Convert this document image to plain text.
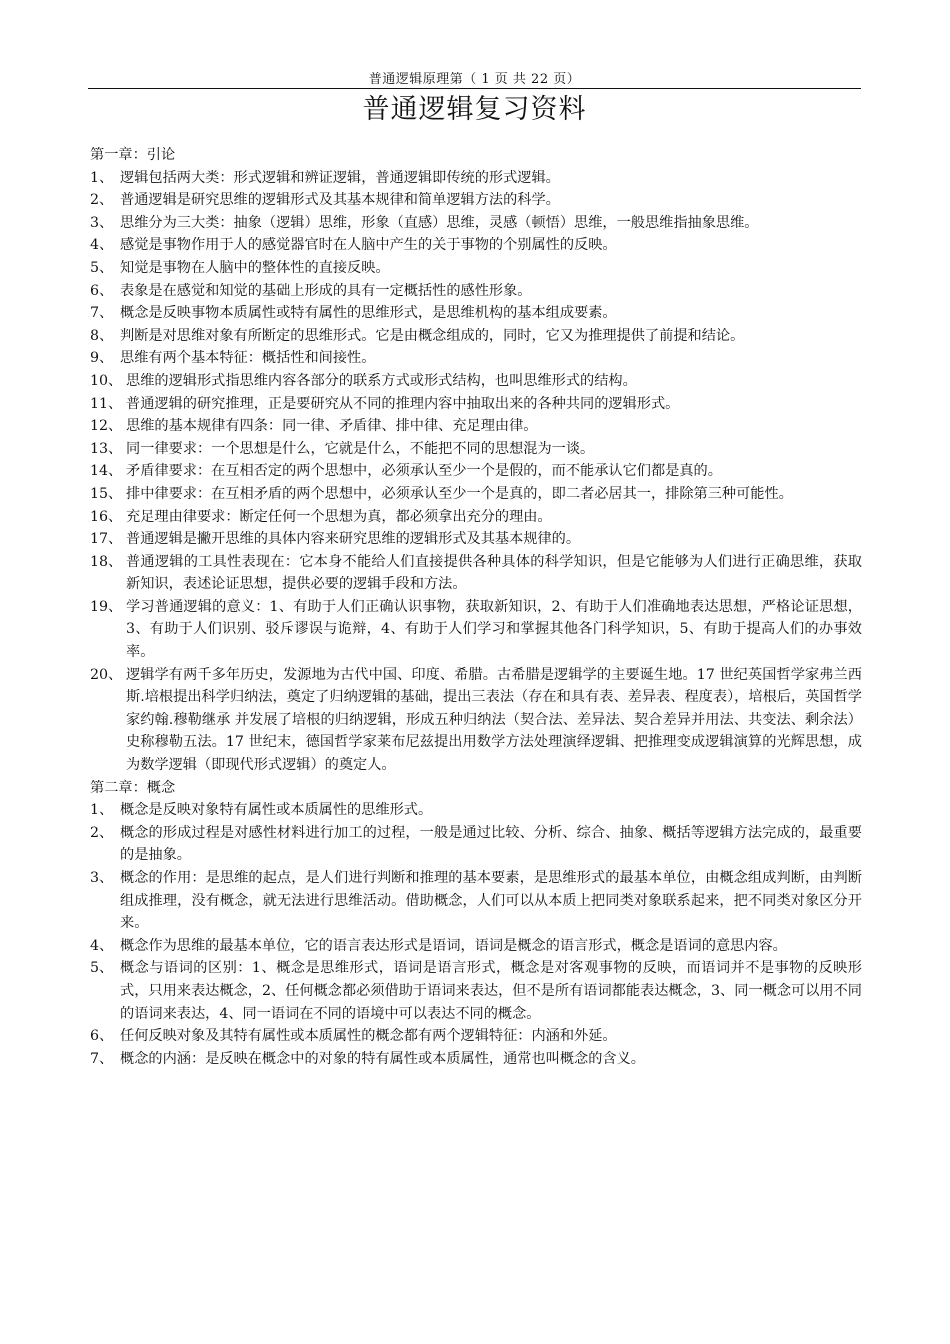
普通逻辑原理第（ 1 页 共 22 页）
普通逻辑复习资料

第一章：引论

1、 逻辑包括两大类：形式逻辑和辨证逻辑，普通逻辑即传统的形式逻辑。
2、 普通逻辑是研究思维的逻辑形式及其基本规律和简单逻辑方法的科学。
3、 思维分为三大类：抽象（逻辑）思维，形象（直感）思维，灵感（顿悟）思维，一般思维指抽象思维。
4、 感觉是事物作用于人的感觉器官时在人脑中产生的关于事物的个别属性的反映。
5、 知觉是事物在人脑中的整体性的直接反映。
6、 表象是在感觉和知觉的基础上形成的具有一定概括性的感性形象。
7、 概念是反映事物本质属性或特有属性的思维形式，是思维机构的基本组成要素。
8、 判断是对思维对象有所断定的思维形式。它是由概念组成的，同时，它又为推理提供了前提和结论。
9、 思维有两个基本特征：概括性和间接性。
10、 思维的逻辑形式指思维内容各部分的联系方式或形式结构，也叫思维形式的结构。
11、 普通逻辑的研究推理，正是要研究从不同的推理内容中抽取出来的各种共同的逻辑形式。
12、 思维的基本规律有四条：同一律、矛盾律、排中律、充足理由律。
13、 同一律要求：一个思想是什么，它就是什么，不能把不同的思想混为一谈。
14、 矛盾律要求：在互相否定的两个思想中，必须承认至少一个是假的，而不能承认它们都是真的。
15、 排中律要求：在互相矛盾的两个思想中，必须承认至少一个是真的，即二者必居其一，排除第三种可能性。
16、 充足理由律要求：断定任何一个思想为真，都必须拿出充分的理由。
17、 普通逻辑是撇开思维的具体内容来研究思维的逻辑形式及其基本规律的。
18、 普通逻辑的工具性表现在：它本身不能给人们直接提供各种具体的科学知识，但是它能够为人们进行正确思维，获取新知识，表述论证思想，提供必要的逻辑手段和方法。
19、 学习普通逻辑的意义：1、有助于人们正确认识事物，获取新知识，2、有助于人们准确地表达思想，严格论证思想，3、有助于人们识别、驳斥谬误与诡辩，4、有助于人们学习和掌握其他各门科学知识，5、有助于提高人们的办事效率。
20、 逻辑学有两千多年历史，发源地为古代中国、印度、希腊。古希腊是逻辑学的主要诞生地。17 世纪英国哲学家弗兰西斯.培根提出科学归纳法，奠定了归纳逻辑的基础，提出三表法（存在和具有表、差异表、程度表），培根后，英国哲学家约翰.穆勒继承 并发展了培根的归纳逻辑，形成五种归纳法（契合法、差异法、契合差异并用法、共变法、剩余法）史称穆勒五法。17 世纪末，德国哲学家莱布尼兹提出用数学方法处理演绎逻辑、把推理变成逻辑演算的光辉思想，成为数学逻辑（即现代形式逻辑）的奠定人。

第二章：概念

1、 概念是反映对象特有属性或本质属性的思维形式。
2、 概念的形成过程是对感性材料进行加工的过程，一般是通过比较、分析、综合、抽象、概括等逻辑方法完成的，最重要的是抽象。
3、 概念的作用：是思维的起点，是人们进行判断和推理的基本要素，是思维形式的最基本单位，由概念组成判断，由判断组成推理，没有概念，就无法进行思维活动。借助概念，人们可以从本质上把同类对象联系起来，把不同类对象区分开来。
4、 概念作为思维的最基本单位，它的语言表达形式是语词，语词是概念的语言形式，概念是语词的意思内容。
5、 概念与语词的区别：1、概念是思维形式，语词是语言形式，概念是对客观事物的反映，而语词并不是事物的反映形式，只用来表达概念，2、任何概念都必须借助于语词来表达，但不是所有语词都能表达概念，3、同一概念可以用不同的语词来表达，4、同一语词在不同的语境中可以表达不同的概念。
6、 任何反映对象及其特有属性或本质属性的概念都有两个逻辑特征：内涵和外延。
7、 概念的内涵：是反映在概念中的对象的特有属性或本质属性，通常也叫概念的含义。
